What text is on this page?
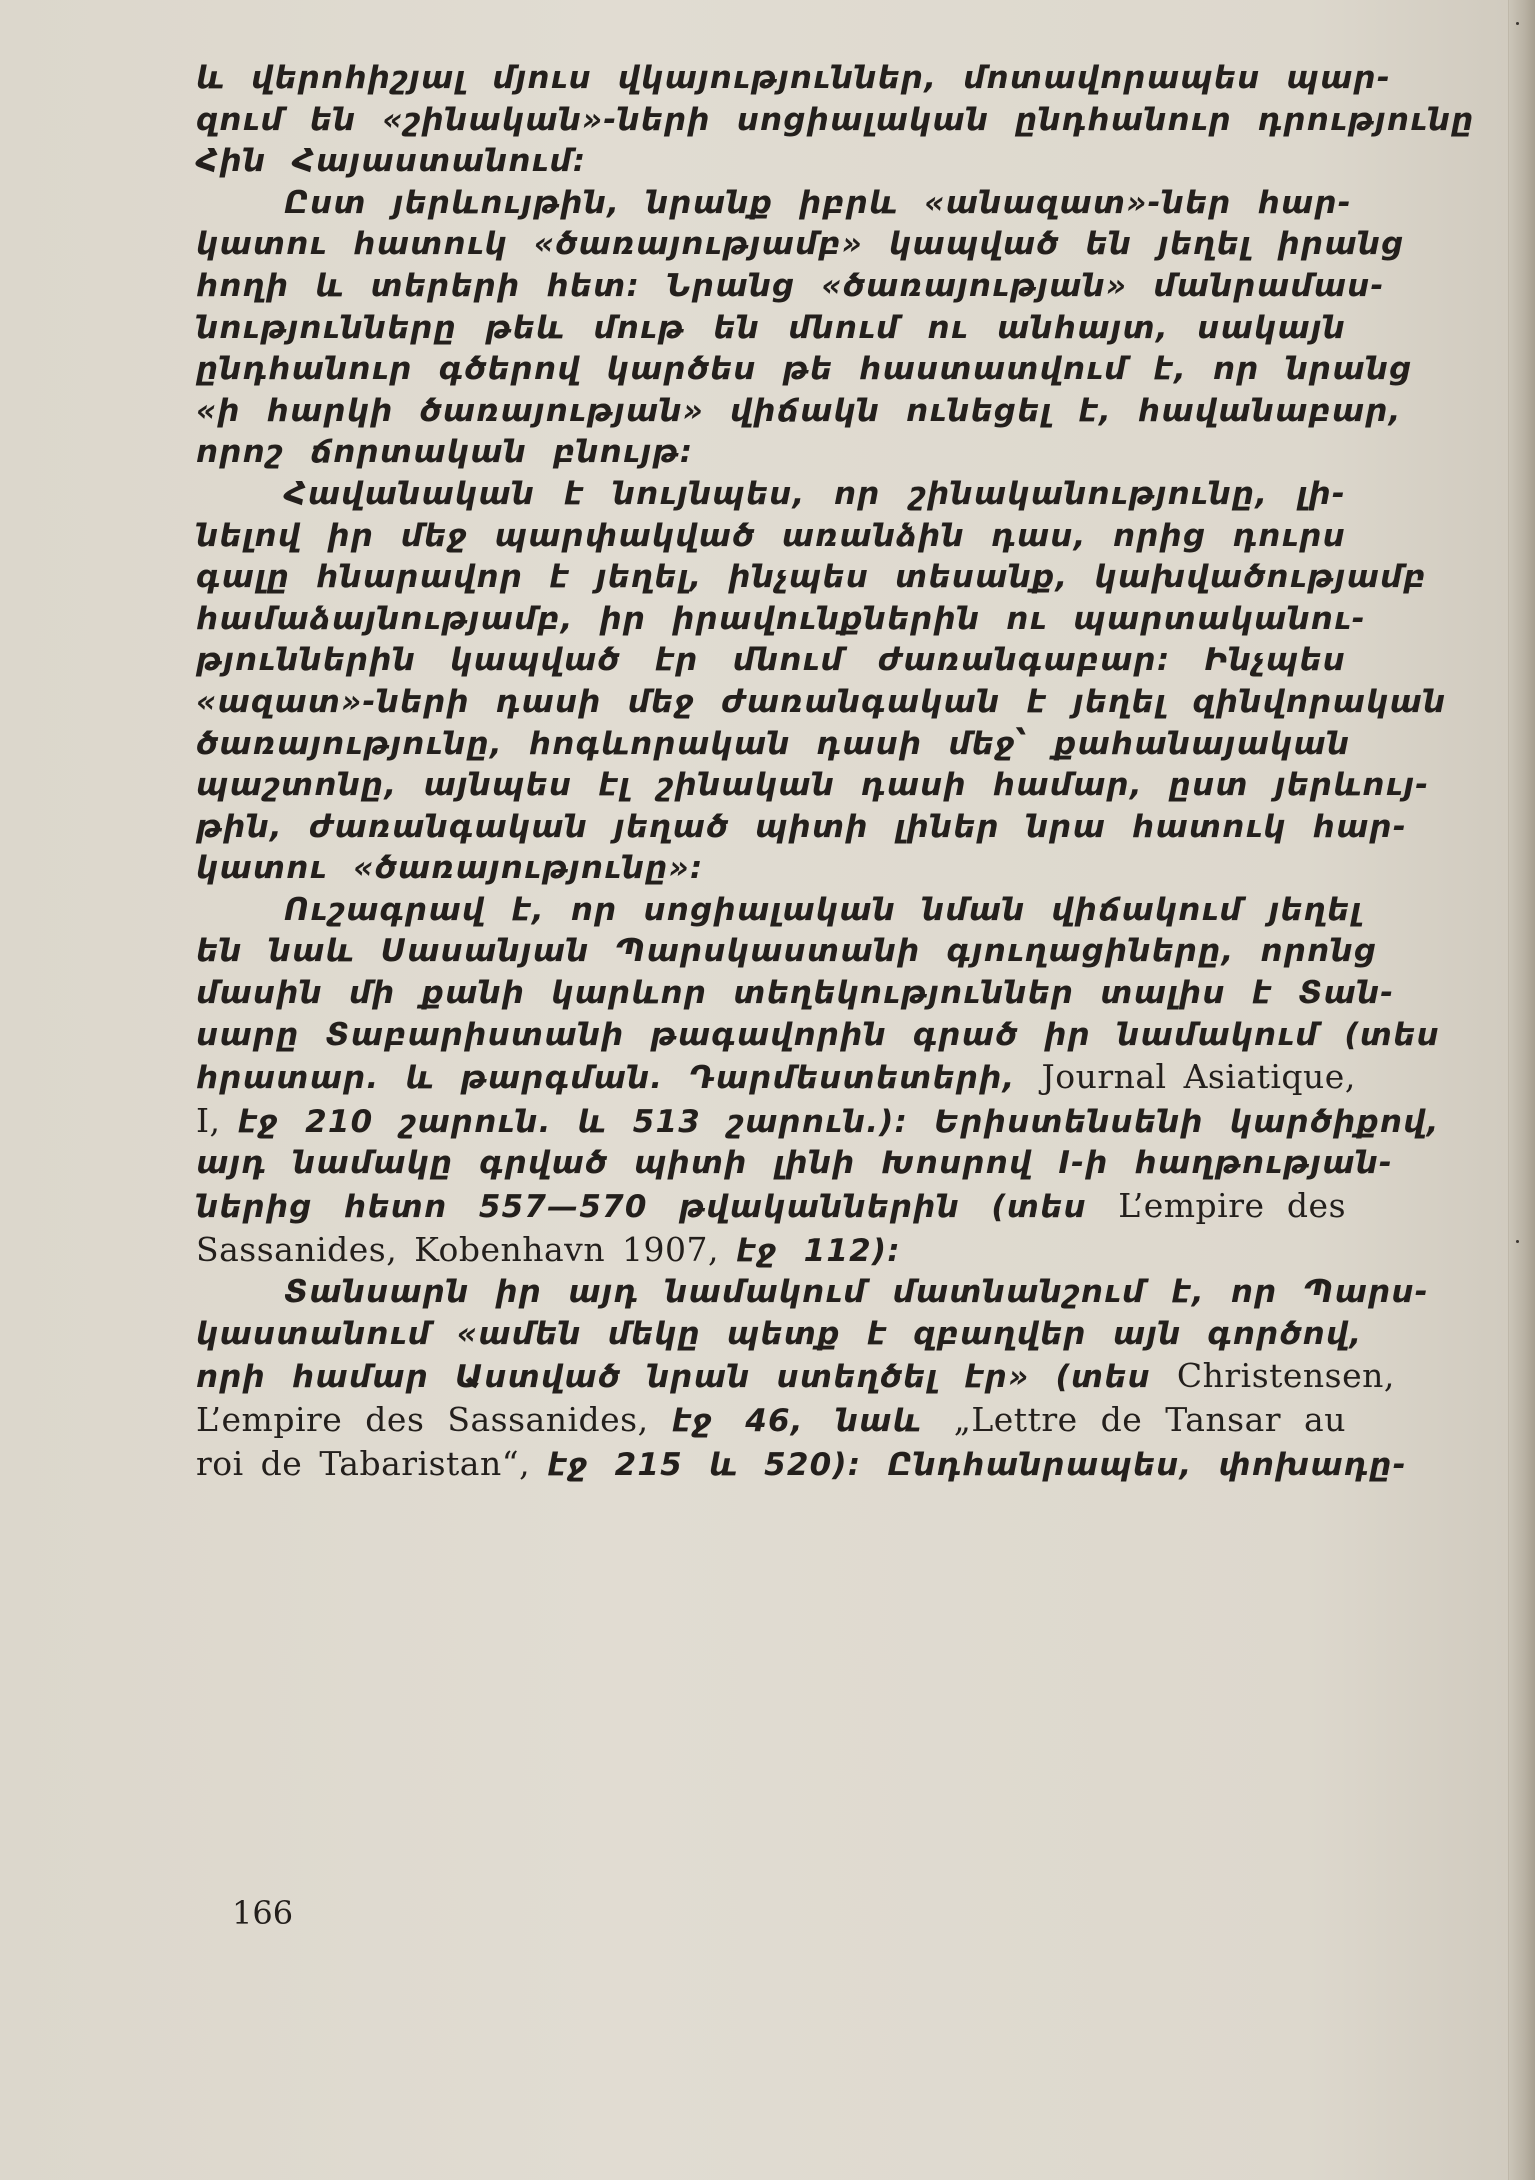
և վերոհիշյալ մյուս վկայություններ, մոտավորապես պար-
զում են «շինական»-ների սոցիալական ընդհանուր դրությունը
Հին Հայաստանում։
Ըստ յերևույթին, նրանք իբրև «անազատ»-ներ հար-
կատու հատուկ «ծառայությամբ» կապված են յեղել իրանց
հողի և տերերի հետ։ Նրանց «ծառայության» մանրամաս-
նությունները թեև մութ են մնում ու անհայտ, սակայն
ընդհանուր գծերով կարծես թե հաստատվում է, որ նրանց
«ի հարկի ծառայության» վիճակն ունեցել է, հավանաբար,
որոշ ճորտական բնույթ։
Հավանական է նույնպես, որ շինականությունը, լի-
նելով իր մեջ պարփակված առանձին դաս, որից դուրս
գալը հնարավոր է յեղել, ինչպես տեսանք, կախվածությամբ
համաձայնությամբ, իր իրավունքներին ու պարտականու-
թյուններին կապված էր մնում ժառանգաբար։ Ինչպես
«ազատ»-ների դասի մեջ ժառանգական է յեղել զինվորական
ծառայությունը, հոգևորական դասի մեջ՝ քահանայական
պաշտոնը, այնպես էլ շինական դասի համար, ըստ յերևույ-
թին, ժառանգական յեղած պիտի լիներ նրա հատուկ հար-
կատու «ծառայությունը»։
Ուշագրավ է, որ սոցիալական նման վիճակում յեղել
են նաև Սասանյան Պարսկաստանի գյուղացիները, որոնց
մասին մի քանի կարևոր տեղեկություններ տալիս է Տան-
սարը Տաբարիստանի թագավորին գրած իր նամակում (տես
հրատար. և թարգման. Դարմեստետերի, Journal Asiatique,
I, էջ 210 շարուն. և 513 շարուն.)։ Երիստենսենի կարծիքով,
այդ նամակը գրված պիտի լինի Խոսրով I-ի հաղթության-
ներից հետո 557—570 թվականներին (տես L’empire des
Sassanides, Kobenhavn 1907, էջ 112)։
Տանսարն իր այդ նամակում մատնանշում է, որ Պարս-
կաստանում «ամեն մեկը պետք է զբաղվեր այն գործով,
որի համար Աստված նրան ստեղծել էր» (տես Christensen,
L’empire des Sassanides, էջ 46, նաև „Lettre de Tansar au
roi de Tabaristan“, էջ 215 և 520)։ Ընդհանրապես, փոխադը-
166
